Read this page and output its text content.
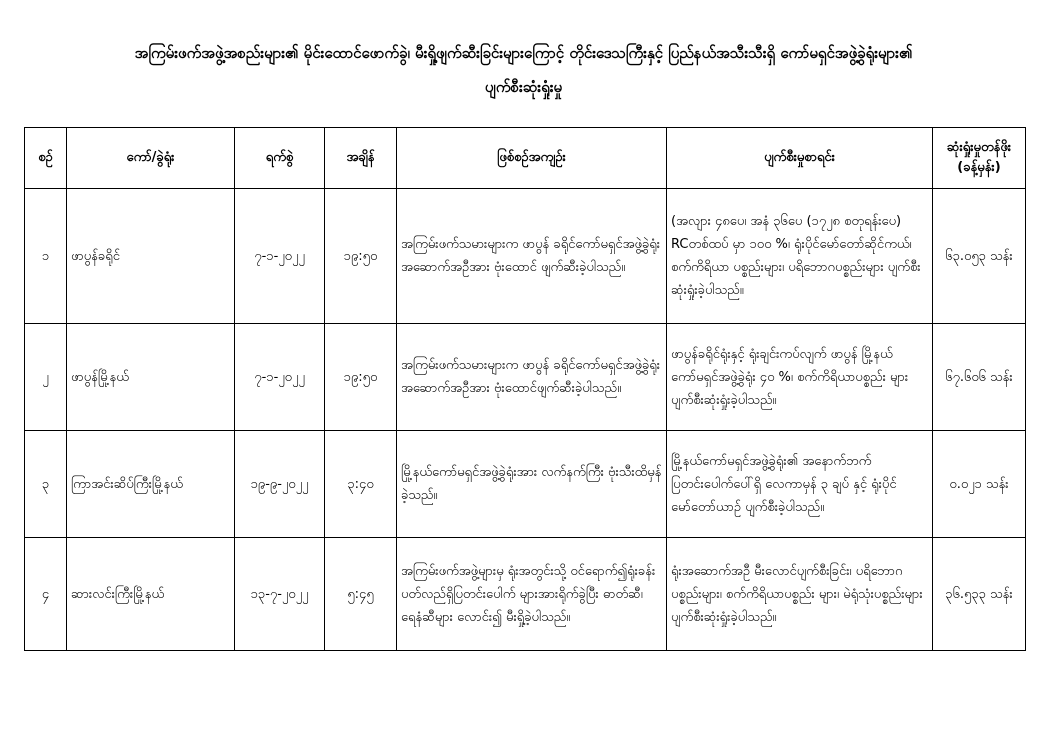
အကြမ်းဖက်အဖွဲ့အစည်းများ၏ မိုင်းထောင်ဖောက်ခွဲ၊ မီးရှို့ဖျက်ဆီးခြင်းများကြောင့် တိုင်းဒေသကြီးနှင့် ပြည်နယ်အသီးသီးရှိ ကော်မရှင်အဖွဲ့ခွဲရုံးများ၏
ပျက်စီးဆုံးရှုံးမှု
စဉ်	ကော်/ခွဲရုံး	ရက်စွဲ	အချိန်	ဖြစ်စဉ်အကျဉ်း	ပျက်စီးမှုစာရင်း	ဆုံးရှုံးမှုတန်ဖိုး
(ခန့်မှန်း)

၁	ဖာပွန်ခရိုင်	၇-၁-၂၀၂၂	၁၉:၅၀	အကြမ်းဖက်သမားများက ဖာပွန် ခရိုင်ကော်မရှင်အဖွဲ့ခွဲရုံး အဆောက်အဦအား ဗုံးထောင် ဖျက်ဆီးခဲ့ပါသည်။	(အလျား ၄၈ပေ၊ အနံ ၃၆ပေ (၁၇၂၈ စတုရန်းပေ) RCတစ်ထပ် မှာ ၁၀၀ %၊ ရုံးပိုင်မော်တော်ဆိုင်ကယ်၊ စက်ကိရိယာ ပစ္စည်းများ၊ ပရိဘောဂပစ္စည်းများ ပျက်စီး ဆုံးရှုံးခဲ့ပါသည်။	၆၃.၀၅၃ သန်း
၂	ဖာပွန်မြို့နယ်	၇-၁-၂၀၂၂	၁၉:၅၀	အကြမ်းဖက်သမားများက ဖာပွန် ခရိုင်ကော်မရှင်အဖွဲ့ခွဲရုံး အဆောက်အဦအား ဗုံးထောင်ဖျက်ဆီးခဲ့ပါသည်။	ဖာပွန်ခရိုင်ရုံးနှင့် ရုံးချင်းကပ်လျက် ဖာပွန် မြို့နယ် ကော်မရှင်အဖွဲ့ခွဲရုံး ၄၀ %၊ စက်ကိရိယာပစ္စည်း များ ပျက်စီးဆုံးရှုံးခဲ့ပါသည်။	၆၇.၆၀၆ သန်း
၃	ကြာအင်းဆိပ်ကြီးမြို့နယ်	၁၉-၉-၂၀၂၂	၃:၄၀	မြို့နယ်ကော်မရှင်အဖွဲ့ခွဲရုံးအား လက်နက်ကြီး ဗုံးသီးထိမှန်ခဲ့သည်။	မြို့နယ်ကော်မရှင်အဖွဲ့ခွဲရုံး၏ အနောက်ဘက် ပြတင်းပေါက်ပေါ်ရှိ လေကာမှန် ၃ ချပ် နှင့် ရုံးပိုင် မော်တော်ယာဉ် ပျက်စီးခဲ့ပါသည်။	၀.၀၂၁ သန်း
၄	ဆားလင်းကြီးမြို့နယ်	၁၃-၇-၂၀၂၂	၅:၄၅	အကြမ်းဖက်အဖွဲ့များမှ ရုံးအတွင်းသို့ ဝင်ရောက်၍ရုံးခန်းပတ်လည်ရှိပြတင်းပေါက် များအားရိုက်ခွဲပြီး ဓာတ်ဆီ၊ ရေနံဆီများ လောင်း၍ မီးရှို့ခဲ့ပါသည်။	ရုံးအဆောက်အဦ မီးလောင်ပျက်စီးခြင်း၊ ပရိဘောဂပစ္စည်းများ၊ စက်ကိရိယာပစ္စည်း များ၊ မဲရုံသုံးပစ္စည်းများပျက်စီးဆုံးရှုံးခဲ့ပါသည်။	၃၆.၅၃၃ သန်း
